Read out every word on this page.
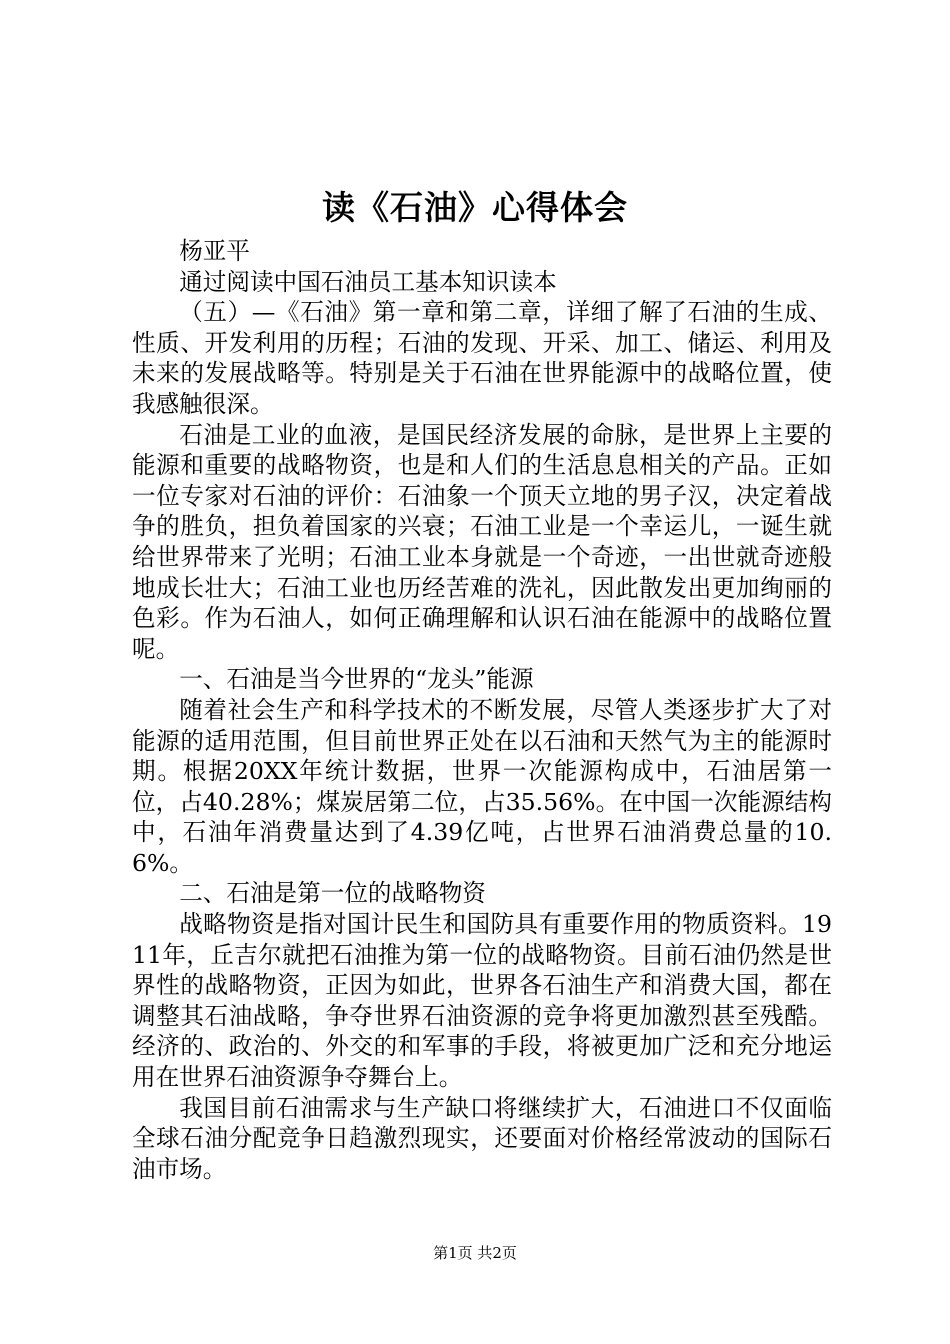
读《石油》心得体会

杨亚平

通过阅读中国石油员工基本知识读本

（五）—《石油》第一章和第二章，详细了解了石油的生成、性质、开发利用的历程；石油的发现、开采、加工、储运、利用及未来的发展战略等。特别是关于石油在世界能源中的战略位置，使我感触很深。

石油是工业的血液，是国民经济发展的命脉，是世界上主要的能源和重要的战略物资，也是和人们的生活息息相关的产品。正如一位专家对石油的评价：石油象一个顶天立地的男子汉，决定着战争的胜负，担负着国家的兴衰；石油工业是一个幸运儿，一诞生就给世界带来了光明；石油工业本身就是一个奇迹，一出世就奇迹般地成长壮大；石油工业也历经苦难的洗礼，因此散发出更加绚丽的色彩。作为石油人，如何正确理解和认识石油在能源中的战略位置呢。

一、石油是当今世界的“龙头”能源

随着社会生产和科学技术的不断发展，尽管人类逐步扩大了对能源的适用范围，但目前世界正处在以石油和天然气为主的能源时期。根据20XX年统计数据，世界一次能源构成中，石油居第一位，占40.28%；煤炭居第二位，占35.56%。在中国一次能源结构中，石油年消费量达到了4.39亿吨，占世界石油消费总量的10.6%。

二、石油是第一位的战略物资

战略物资是指对国计民生和国防具有重要作用的物质资料。1911年，丘吉尔就把石油推为第一位的战略物资。目前石油仍然是世界性的战略物资，正因为如此，世界各石油生产和消费大国，都在调整其石油战略，争夺世界石油资源的竞争将更加激烈甚至残酷。经济的、政治的、外交的和军事的手段，将被更加广泛和充分地运用在世界石油资源争夺舞台上。

我国目前石油需求与生产缺口将继续扩大，石油进口不仅面临全球石油分配竞争日趋激烈现实，还要面对价格经常波动的国际石油市场。

第1页 共2页
